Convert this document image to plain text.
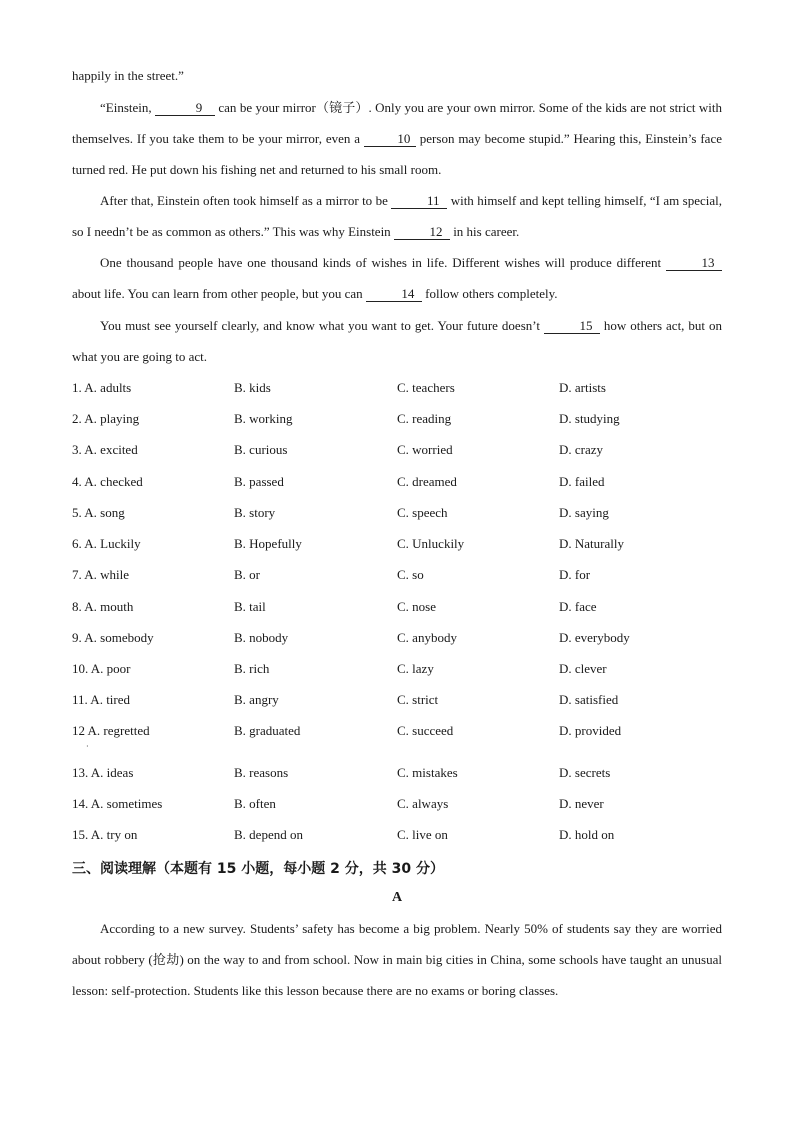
happily in the street.”
“Einstein,	9 can be your mirror（镜子）. Only you are your own mirror. Some of the kids are not strict with themselves. If you take them to be your mirror, even a	10 person may become stupid.” Hearing this, Einstein’s face turned red. He put down his fishing net and returned to his small room.
After that, Einstein often took himself as a mirror to be	11 with himself and kept telling himself, “I am special, so I needn’t be as common as others.” This was why Einstein	12 in his career.
One thousand people have one thousand kinds of wishes in life. Different wishes will produce different	13 about life. You can learn from other people, but you can	14 follow others completely.
You must see yourself clearly, and know what you want to get. Your future doesn’t	15 how others act, but on what you are going to act.
1. A. adults	B. kids	C. teachers	D. artists
2. A. playing	B. working	C. reading	D. studying
3. A. excited	B. curious	C. worried	D. crazy
4. A. checked	B. passed	C. dreamed	D. failed
5. A. song	B. story	C. speech	D. saying
6. A. Luckily	B. Hopefully	C. Unluckily	D. Naturally
7. A. while	B. or	C. so	D. for
8. A. mouth	B. tail	C. nose	D. face
9. A. somebody	B. nobody	C. anybody	D. everybody
10. A. poor	B. rich	C. lazy	D. clever
11. A. tired	B. angry	C. strict	D. satisfied
12 A. regretted	B. graduated	C. succeed	D. provided
13. A. ideas	B. reasons	C. mistakes	D. secrets
14. A. sometimes	B. often	C. always	D. never
15. A. try on	B. depend on	C. live on	D. hold on
·
三、阅读理解（本题有 15 小题，每小题 2 分，共 30 分）
A
According to a new survey. Students’ safety has become a big problem. Nearly 50% of students say they are worried about robbery (抢劫) on the way to and from school. Now in main big cities in China, some schools have taught an unusual lesson: self-protection. Students like this lesson because there are no exams or boring classes.
